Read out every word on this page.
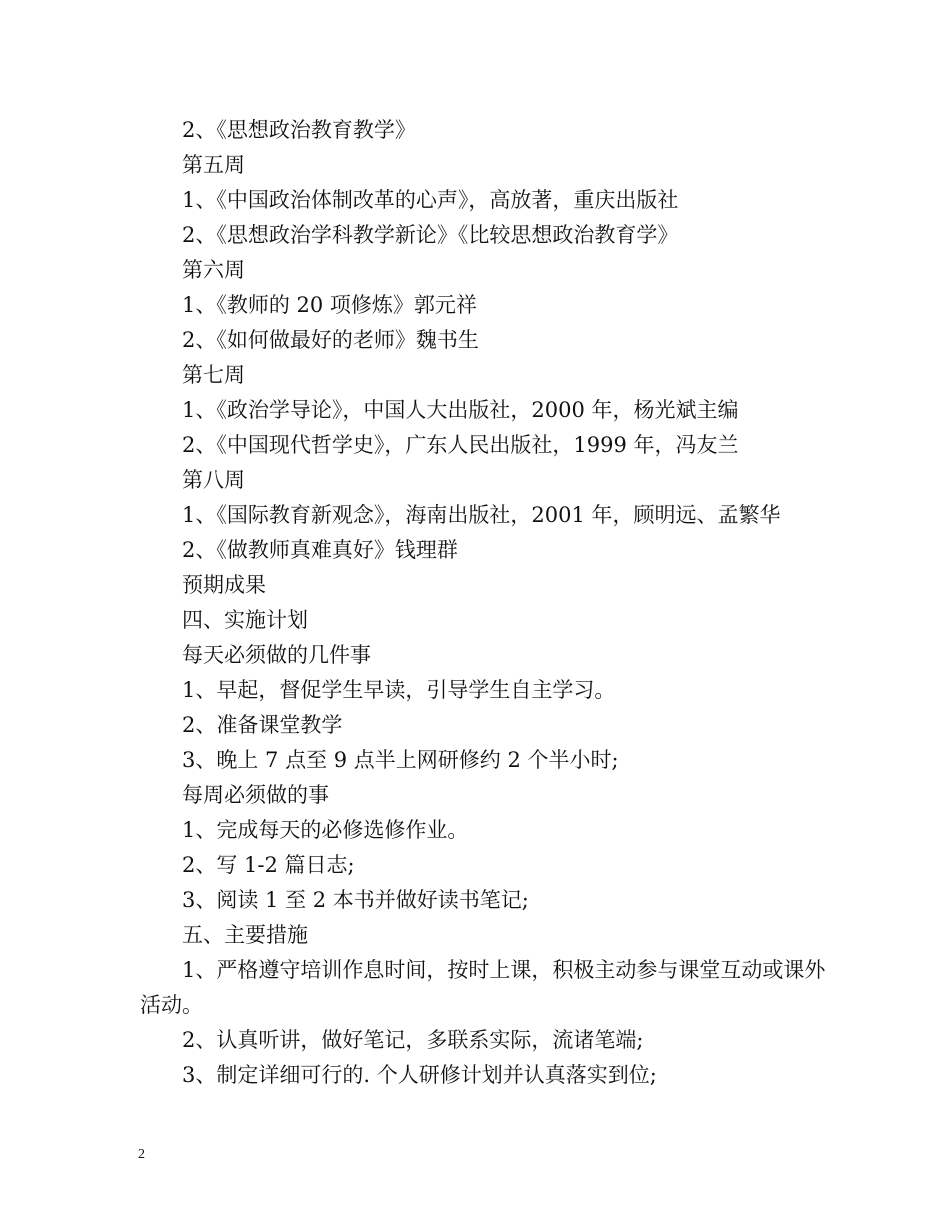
2、《思想政治教育教学》
第五周
1、《中国政治体制改革的心声》，高放著，重庆出版社
2、《思想政治学科教学新论》《比较思想政治教育学》
第六周
1、《教师的 20 项修炼》郭元祥
2、《如何做最好的老师》魏书生
第七周
1、《政治学导论》，中国人大出版社，2000 年，杨光斌主编
2、《中国现代哲学史》，广东人民出版社，1999 年，冯友兰
第八周
1、《国际教育新观念》，海南出版社，2001 年，顾明远、孟繁华
2、《做教师真难真好》钱理群
预期成果
四、实施计划
每天必须做的几件事
1、早起，督促学生早读，引导学生自主学习。
2、准备课堂教学
3、晚上 7 点至 9 点半上网研修约 2 个半小时;
每周必须做的事
1、完成每天的必修选修作业。
2、写 1-2 篇日志;
3、阅读 1 至 2 本书并做好读书笔记;
五、主要措施
1、严格遵守培训作息时间，按时上课，积极主动参与课堂互动或课外活动。
2、认真听讲，做好笔记，多联系实际，流诸笔端;
3、制定详细可行的. 个人研修计划并认真落实到位;
2
